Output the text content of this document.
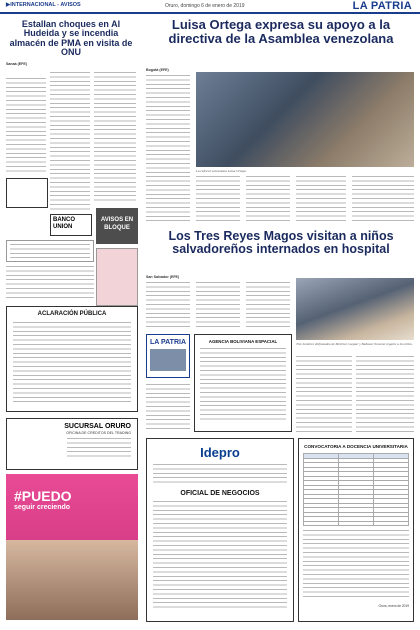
▶INTERNACIONAL - AVISOS	Oruro, domingo 6 de enero de 2019	LA PATRIA
Estallan choques en Al Hudeida y se incendia almacén de PMA en visita de ONU
Sanaá (EFE)
BANCO UNION
AVISOS EN BLOQUE
ACLARACIÓN PÚBLICA
SUCURSAL ORURO
OFICINA DE CREDITOS DEL TRADING
#PUEDO
seguir creciendo
Luisa Ortega expresa su apoyo a la directiva de la Asamblea venezolana
Bogotá (EFE)
La exfiscal venezolana Luisa Ortega.
Los Tres Reyes Magos visitan a niños salvadoreños internados en hospital
San Salvador (EFE)
Tres hombres disfrazados de Melchor, Gaspar y Baltasar llevaron regalos a los niños.
LA PATRIA	AGENCIA BOLIVIANA ESPACIAL
Idepro
OFICIAL DE NEGOCIOS
CONVOCATORIA A DOCENCIA UNIVERSITARIA

Oruro, enero de 2019
